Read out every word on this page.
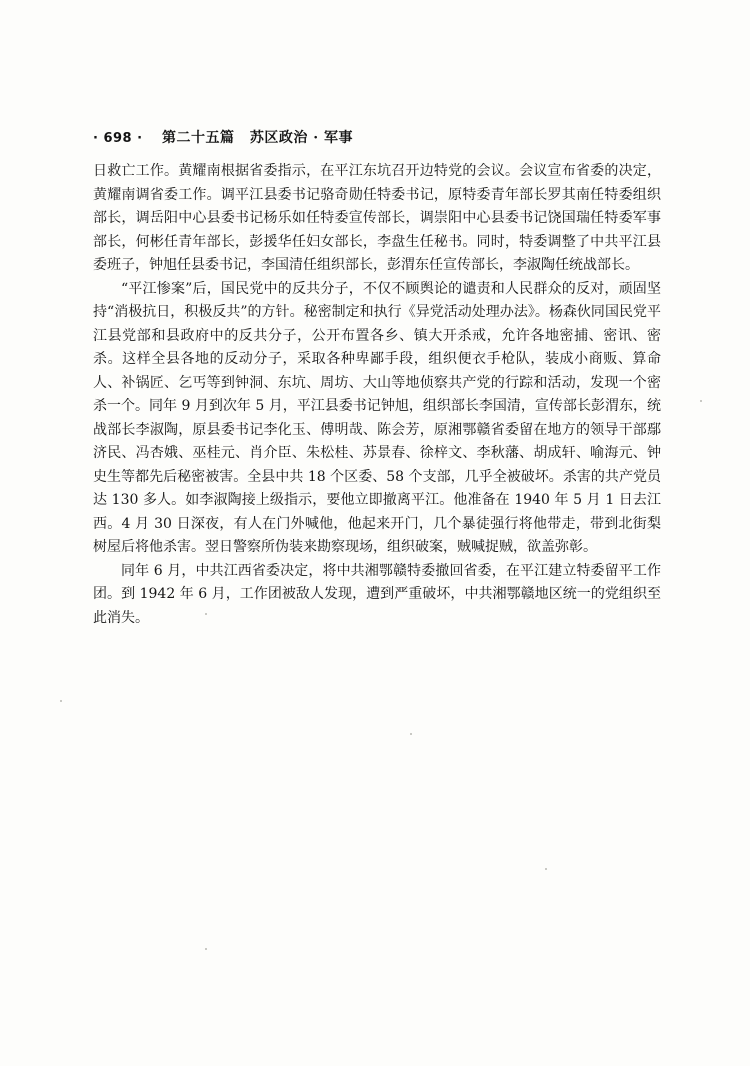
· 698 · 第二十五篇 苏区政治 · 军事

日救亡工作。黄耀南根据省委指示，在平江东坑召开边特党的会议。会议宣布省委的决定，黄耀南调省委工作。调平江县委书记骆奇勋任特委书记，原特委青年部长罗其南任特委组织部长，调岳阳中心县委书记杨乐如任特委宣传部长，调崇阳中心县委书记饶国瑞任特委军事部长，何彬任青年部长，彭援华任妇女部长，李盘生任秘书。同时，特委调整了中共平江县委班子，钟旭任县委书记，李国清任组织部长，彭渭东任宣传部长，李淑陶任统战部长。

“平江惨案”后，国民党中的反共分子，不仅不顾舆论的谴责和人民群众的反对，顽固坚持“消极抗日，积极反共”的方针。秘密制定和执行《异党活动处理办法》。杨森伙同国民党平江县党部和县政府中的反共分子，公开布置各乡、镇大开杀戒，允许各地密捕、密讯、密杀。这样全县各地的反动分子，采取各种卑鄙手段，组织便衣手枪队，装成小商贩、算命人、补锅匠、乞丐等到钟洞、东坑、周坊、大山等地侦察共产党的行踪和活动，发现一个密杀一个。同年 9 月到次年 5 月，平江县委书记钟旭，组织部长李国清，宣传部长彭渭东，统战部长李淑陶，原县委书记李化玉、傅明哉、陈会芳，原湘鄂赣省委留在地方的领导干部鄢济民、冯杏娥、巫桂元、肖介臣、朱松桂、苏景春、徐梓文、李秋藩、胡成轩、喻海元、钟史生等都先后秘密被害。全县中共 18 个区委、58 个支部，几乎全被破坏。杀害的共产党员达 130 多人。如李淑陶接上级指示，要他立即撤离平江。他准备在 1940 年 5 月 1 日去江西。4 月 30 日深夜，有人在门外喊他，他起来开门，几个暴徒强行将他带走，带到北街梨树屋后将他杀害。翌日警察所伪装来勘察现场，组织破案，贼喊捉贼，欲盖弥彰。

同年 6 月，中共江西省委决定，将中共湘鄂赣特委撤回省委，在平江建立特委留平工作团。到 1942 年 6 月，工作团被敌人发现，遭到严重破坏，中共湘鄂赣地区统一的党组织至此消失。
